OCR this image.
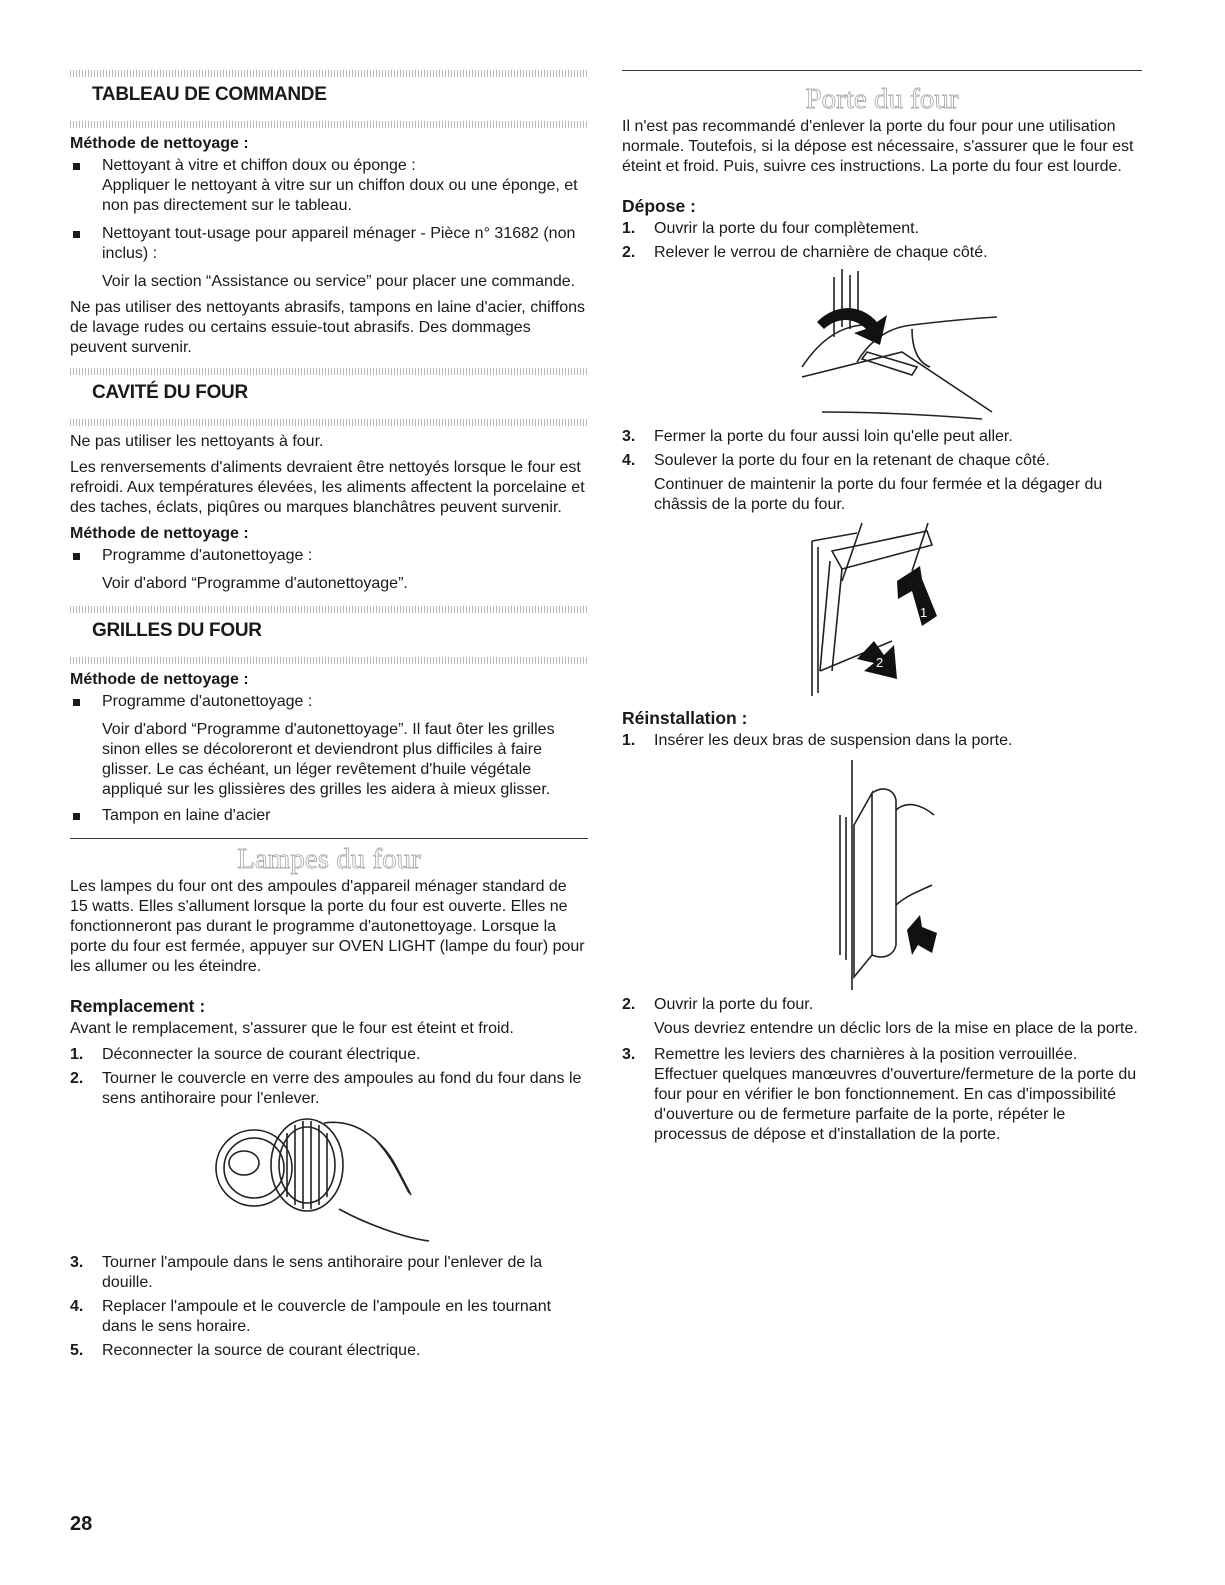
TABLEAU DE COMMANDE
Méthode de nettoyage :

Nettoyant à vitre et chiffon doux ou éponge :
Appliquer le nettoyant à vitre sur un chiffon doux ou une éponge, et non pas directement sur le tableau.

Nettoyant tout-usage pour appareil ménager - Pièce n° 31682 (non inclus) :

Voir la section “Assistance ou service” pour placer une commande.

Ne pas utiliser des nettoyants abrasifs, tampons en laine d'acier, chiffons de lavage rudes ou certains essuie-tout abrasifs. Des dommages peuvent survenir.

CAVITÉ DU FOUR

Ne pas utiliser les nettoyants à four.

Les renversements d'aliments devraient être nettoyés lorsque le four est refroidi. Aux températures élevées, les aliments affectent la porcelaine et des taches, éclats, piqûres ou marques blanchâtres peuvent survenir.

Méthode de nettoyage :

Programme d'autonettoyage :

Voir d'abord “Programme d'autonettoyage”.

GRILLES DU FOUR
Méthode de nettoyage :

Programme d'autonettoyage :

Voir d'abord “Programme d'autonettoyage”. Il faut ôter les grilles sinon elles se décoloreront et deviendront plus difficiles à faire glisser. Le cas échéant, un léger revêtement d'huile végétale appliqué sur les glissières des grilles les aidera à mieux glisser.

Tampon en laine d'acier

Lampes du four

Les lampes du four ont des ampoules d'appareil ménager standard de 15 watts. Elles s'allument lorsque la porte du four est ouverte. Elles ne fonctionneront pas durant le programme d'autonettoyage. Lorsque la porte du four est fermée, appuyer sur OVEN LIGHT (lampe du four) pour les allumer ou les éteindre.

Remplacement :

Avant le remplacement, s'assurer que le four est éteint et froid.

1. Déconnecter la source de courant électrique.

2. Tourner le couvercle en verre des ampoules au fond du four dans le sens antihoraire pour l'enlever.

3. Tourner l'ampoule dans le sens antihoraire pour l'enlever de la douille.

4. Replacer l'ampoule et le couvercle de l'ampoule en les tournant dans le sens horaire.

5. Reconnecter la source de courant électrique.

Porte du four

Il n'est pas recommandé d'enlever la porte du four pour une utilisation normale. Toutefois, si la dépose est nécessaire, s'assurer que le four est éteint et froid. Puis, suivre ces instructions. La porte du four est lourde.

Dépose :

1. Ouvrir la porte du four complètement.

2. Relever le verrou de charnière de chaque côté.

3. Fermer la porte du four aussi loin qu'elle peut aller.

4. Soulever la porte du four en la retenant de chaque côté.

Continuer de maintenir la porte du four fermée et la dégager du châssis de la porte du four.

1
2
Réinstallation :

1. Insérer les deux bras de suspension dans la porte.

2. Ouvrir la porte du four.

Vous devriez entendre un déclic lors de la mise en place de la porte.

3. Remettre les leviers des charnières à la position verrouillée. Effectuer quelques manœuvres d'ouverture/fermeture de la porte du four pour en vérifier le bon fonctionnement. En cas d'impossibilité d'ouverture ou de fermeture parfaite de la porte, répéter le processus de dépose et d'installation de la porte.

28
